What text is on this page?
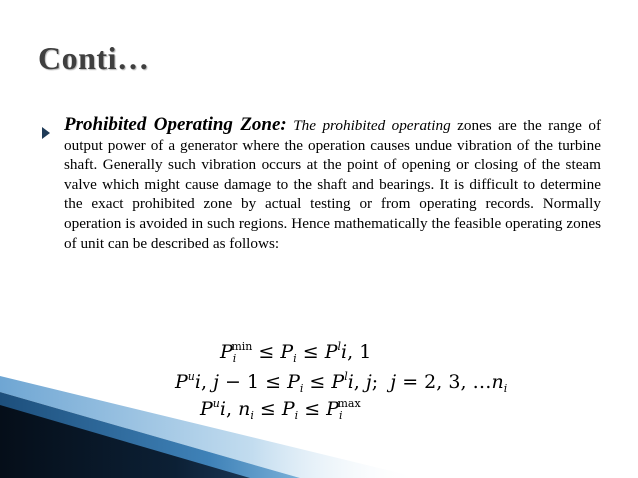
Conti…
Prohibited Operating Zone: The prohibited operating zones are the range of output power of a generator where the operation causes undue vibration of the turbine shaft. Generally such vibration occurs at the point of opening or closing of the steam valve which might cause damage to the shaft and bearings. It is difficult to determine the exact prohibited zone by actual testing or from operating records. Normally operation is avoided in such regions. Hence mathematically the feasible operating zones of unit can be described as follows:
$P_i^{min} \le P_i \le P^li$, 1
$P^ui$, $j - 1 \le P_i \le P^li$, j;  j = 2, 3, $\dots n_i$
$P^ui$, $n_i \le P_i \le P_i^{max}$
